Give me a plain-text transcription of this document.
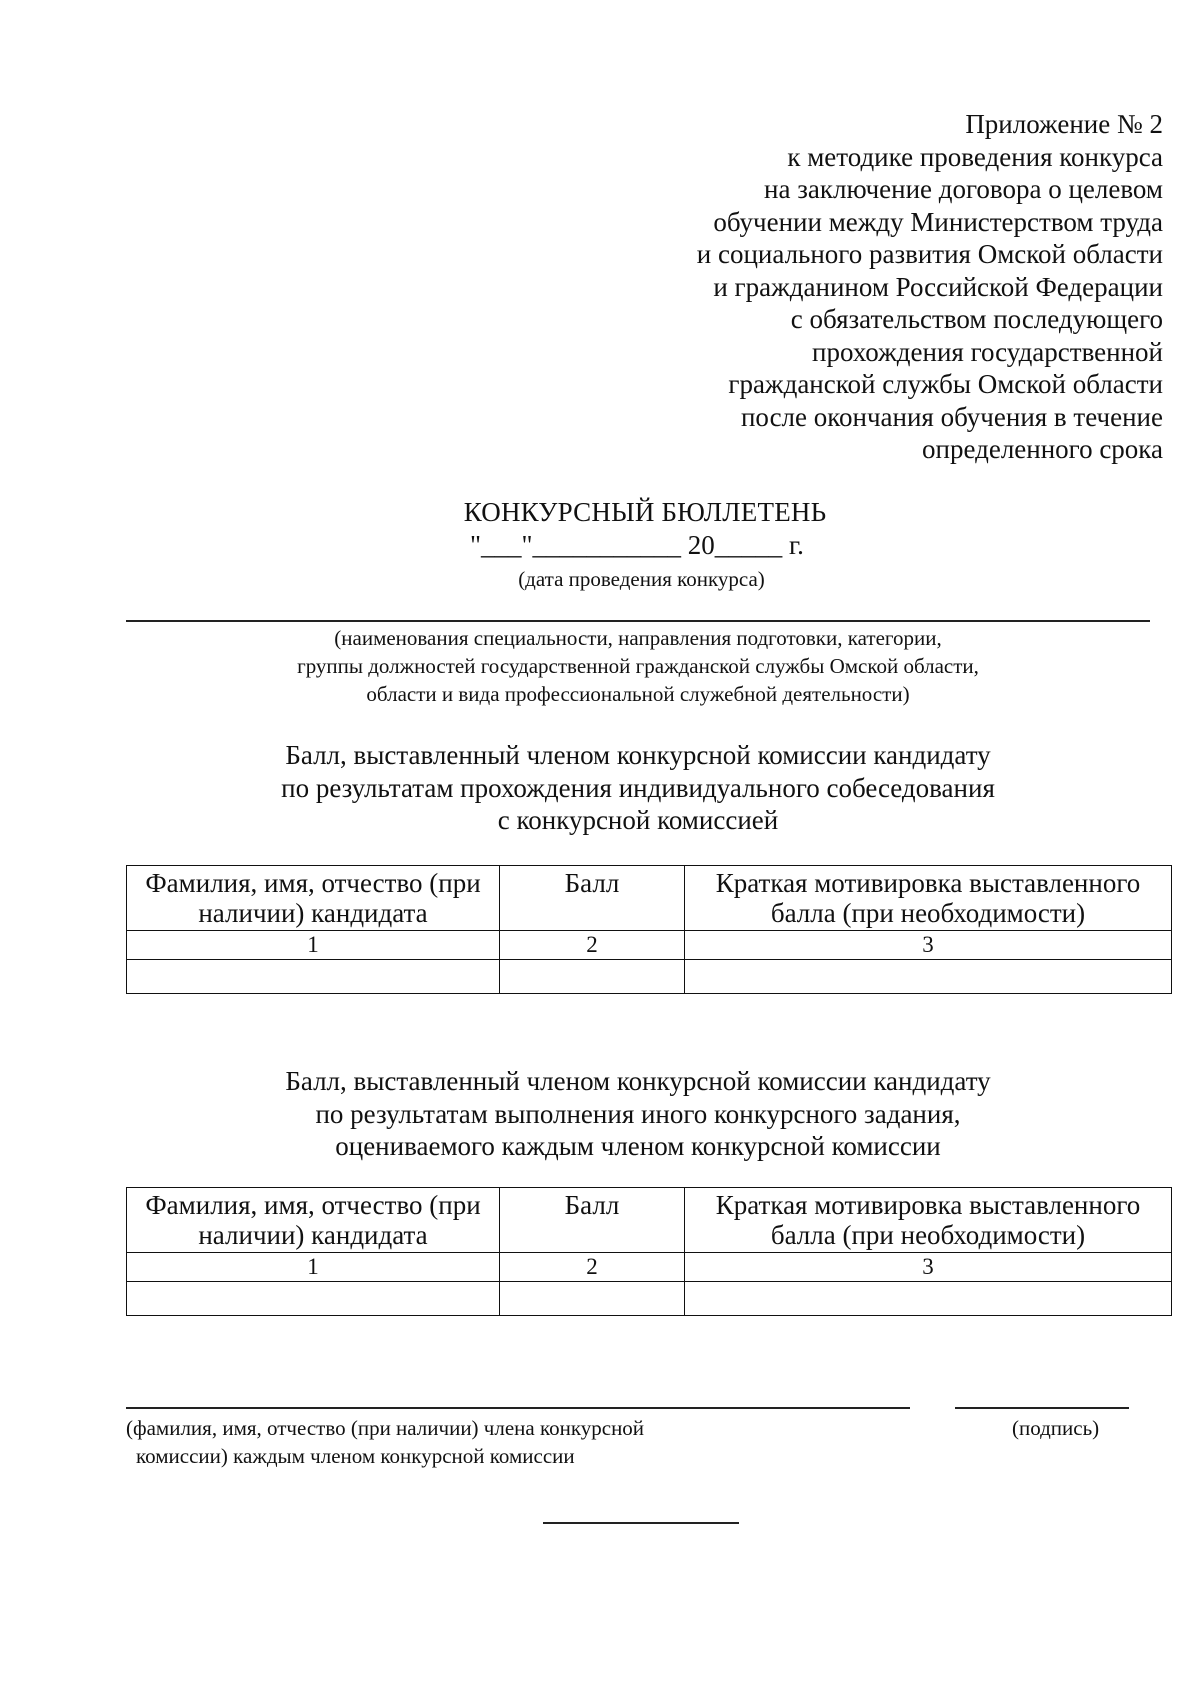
Приложение № 2
к методике проведения конкурса
на заключение договора о целевом
обучении между Министерством труда
и социального развития Омской области
и гражданином Российской Федерации
с обязательством последующего
прохождения государственной
гражданской службы Омской области
после окончания обучения в течение
определенного срока
КОНКУРСНЫЙ БЮЛЛЕТЕНЬ
"___"___________ 20_____ г.
(дата проведения конкурса)
(наименования специальности, направления подготовки, категории,
группы должностей государственной гражданской службы Омской области,
области и вида профессиональной служебной деятельности)
Балл, выставленный членом конкурсной комиссии кандидату
по результатам прохождения индивидуального собеседования
с конкурсной комиссией
Фамилия, имя, отчество (при наличии) кандидата	Балл	Краткая мотивировка выставленного балла (при необходимости)
1	2	3

Балл, выставленный членом конкурсной комиссии кандидату
по результатам выполнения иного конкурсного задания,
оцениваемого каждым членом конкурсной комиссии
Фамилия, имя, отчество (при наличии) кандидата	Балл	Краткая мотивировка выставленного балла (при необходимости)
1	2	3

(фамилия, имя, отчество (при наличии) члена конкурсной
комиссии) каждым членом конкурсной комиссии
(подпись)
